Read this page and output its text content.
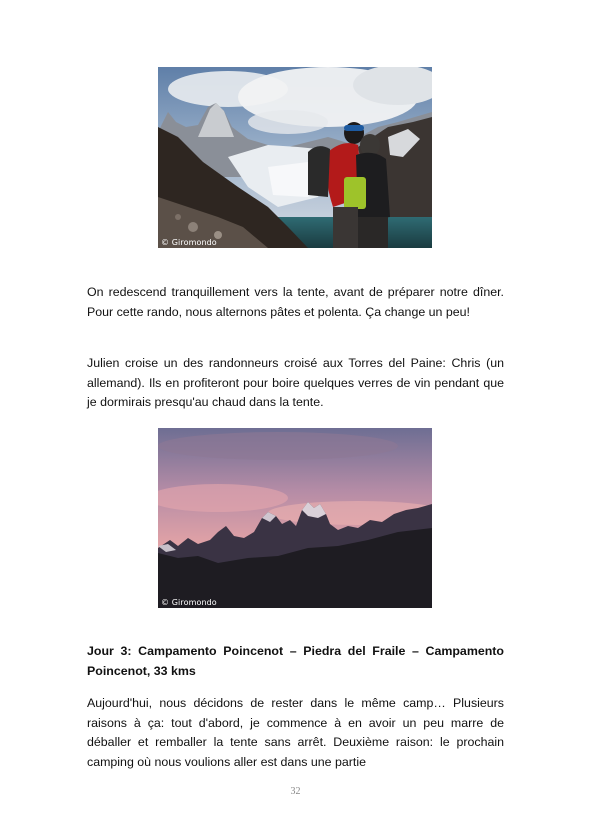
© Giromondo

On redescend tranquillement vers la tente, avant de préparer notre dîner. Pour cette rando, nous alternons pâtes et polenta. Ça change un peu!

Julien croise un des randonneurs croisé aux Torres del Paine: Chris (un allemand). Ils en profiteront pour boire quelques verres de vin pendant que je dormirais presqu'au chaud dans la tente.

© Giromondo

Jour 3: Campamento Poincenot – Piedra del Fraile – Campamento Poincenot, 33 kms

Aujourd'hui, nous décidons de rester dans le même camp… Plusieurs raisons à ça: tout d'abord, je commence à en avoir un peu marre de déballer et remballer la tente sans arrêt. Deuxième raison: le prochain camping où nous voulions aller est dans une partie

32
